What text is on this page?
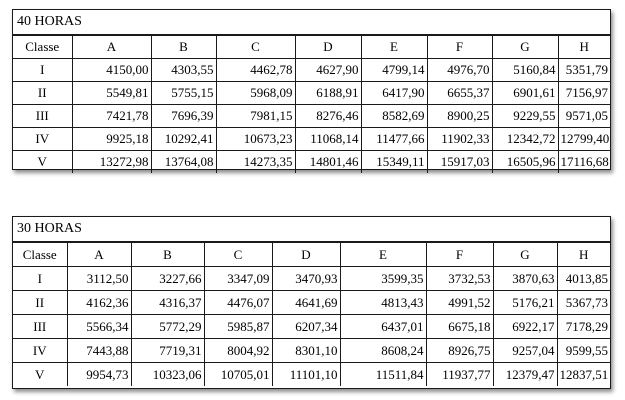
40 HORAS
Classe	A	B	C	D	E	F	G	H
I	4150,00	4303,55	4462,78	4627,90	4799,14	4976,70	5160,84	5351,79
II	5549,81	5755,15	5968,09	6188,91	6417,90	6655,37	6901,61	7156,97
III	7421,78	7696,39	7981,15	8276,46	8582,69	8900,25	9229,55	9571,05
IV	9925,18	10292,41	10673,23	11068,14	11477,66	11902,33	12342,72	12799,40
V	13272,98	13764,08	14273,35	14801,46	15349,11	15917,03	16505,96	17116,68
30 HORAS
Classe	A	B	C	D	E	F	G	H
I	3112,50	3227,66	3347,09	3470,93	3599,35	3732,53	3870,63	4013,85
II	4162,36	4316,37	4476,07	4641,69	4813,43	4991,52	5176,21	5367,73
III	5566,34	5772,29	5985,87	6207,34	6437,01	6675,18	6922,17	7178,29
IV	7443,88	7719,31	8004,92	8301,10	8608,24	8926,75	9257,04	9599,55
V	9954,73	10323,06	10705,01	11101,10	11511,84	11937,77	12379,47	12837,51
